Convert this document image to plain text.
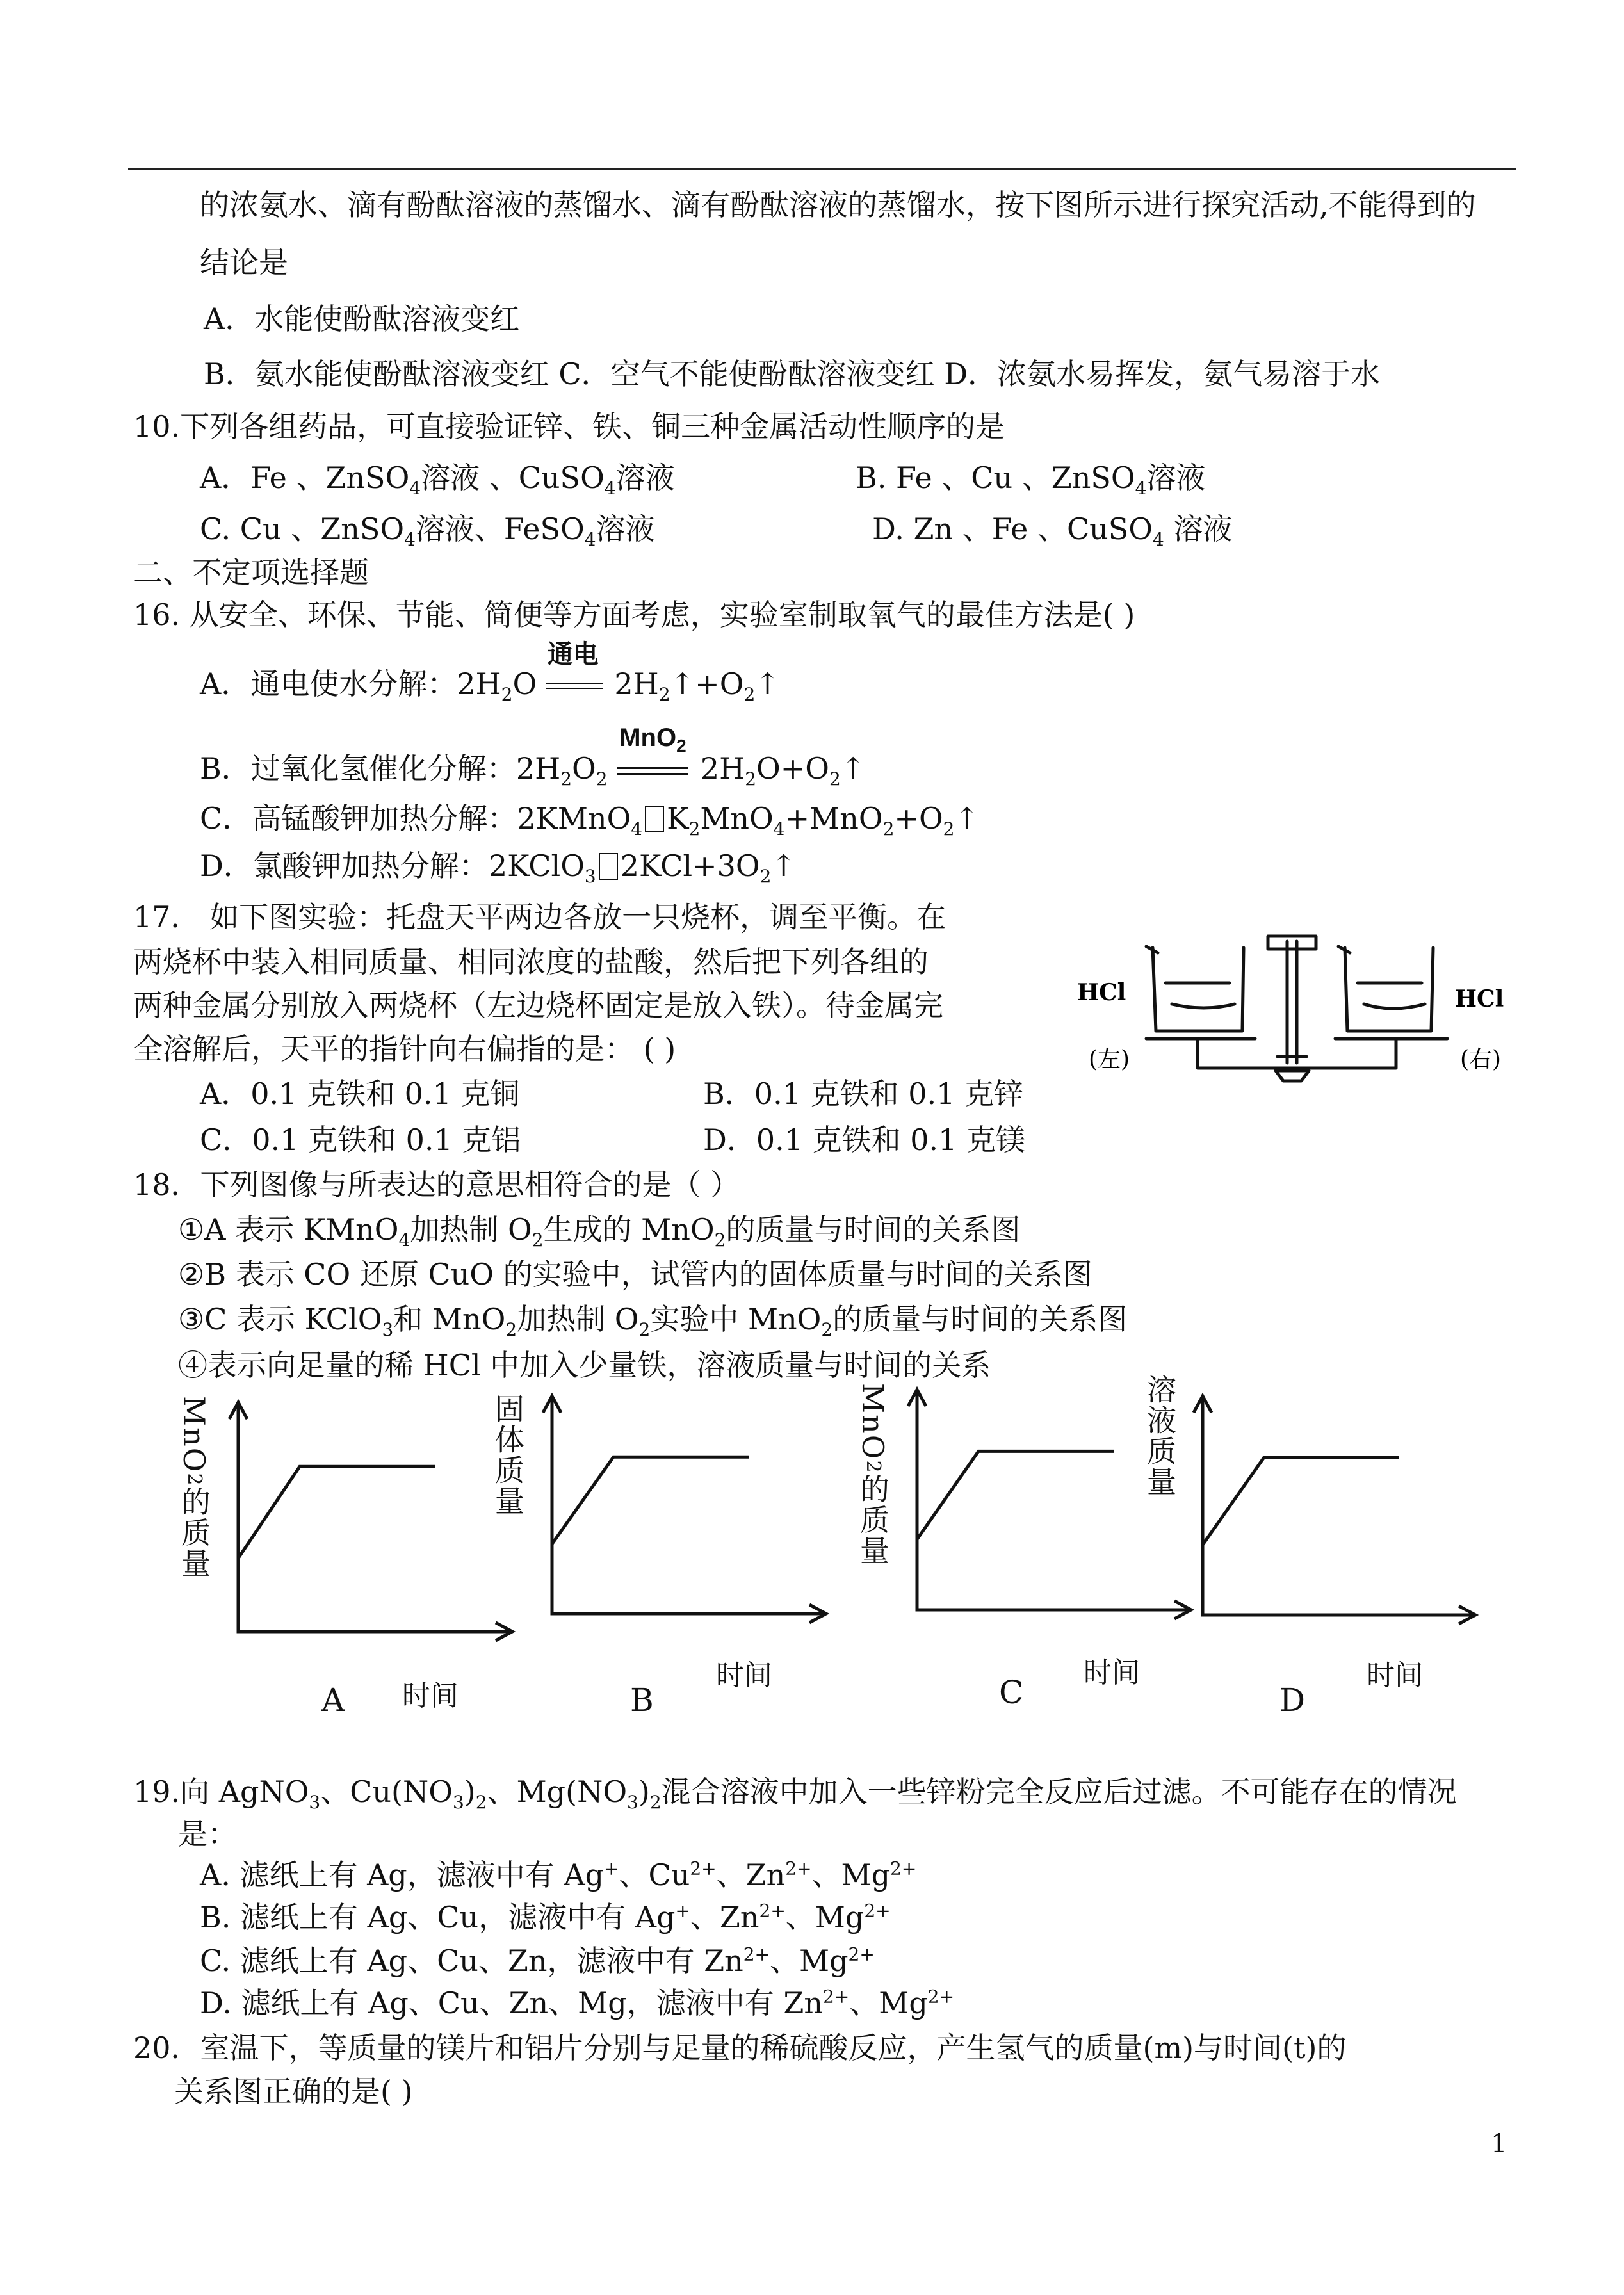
的浓氨水、滴有酚酞溶液的蒸馏水、滴有酚酞溶液的蒸馏水，按下图所示进行探究活动,不能得到的
结论是
A．水能使酚酞溶液变红
B．氨水能使酚酞溶液变红 C．空气不能使酚酞溶液变红 D．浓氨水易挥发，氨气易溶于水
10.下列各组药品，可直接验证锌、铁、铜三种金属活动性顺序的是
A．Fe 、ZnSO$_4$溶液 、CuSO$_4$溶液	B. Fe 、Cu 、ZnSO$_4$溶液
C. Cu 、ZnSO$_4$溶液、FeSO$_4$溶液	D. Zn 、Fe 、CuSO$_4$ 溶液
二、不定项选择题
16. 从安全、环保、节能、简便等方面考虑，实验室制取氧气的最佳方法是( )
A．通电使水分解：$2H_2O$
通电
$2H_2↑+O_2↑$
B．过氧化氢催化分解：$2H_2O_2$
MnO$_2$
$2H_2O+O_2↑$
C．高锰酸钾加热分解：2KMnO$_4$ $K_2MnO_4+MnO_2+O_2↑$
D．氯酸钾加热分解：2KClO$_3$ $2KCl+3O_2↑$
17． 如下图实验：托盘天平两边各放一只烧杯，调至平衡。在
两烧杯中装入相同质量、相同浓度的盐酸，然后把下列各组的
两种金属分别放入两烧杯（左边烧杯固定是放入铁）。待金属完
全溶解后，天平的指针向右偏指的是： ( )
A．0.1 克铁和 0.1 克铜	B．0.1 克铁和 0.1 克锌
C．0.1 克铁和 0.1 克铝	D．0.1 克铁和 0.1 克镁
HCl	HCl
(左)	(右)
18．下列图像与所表达的意思相符合的是（ ）
①A 表示 KMnO$_4$加热制 $O_2$生成的 MnO$_2$的质量与时间的关系图
②B 表示 CO 还原 CuO 的实验中，试管内的固体质量与时间的关系图
③C 表示 KClO$_3$和 MnO$_2$加热制 $O_2$实验中 MnO$_2$的质量与时间的关系图
④表示向足量的稀 HCl 中加入少量铁，溶液质量与时间的关系
MnO2的质量
时间
A
固体质量
时间
B
MnO2的质量
时间
C
溶液质量
时间
D
19.向 AgNO$_3$、$Cu(NO_3)_2$、$Mg(NO_3)_2$混合溶液中加入一些锌粉完全反应后过滤。不可能存在的情况
是：
A. 滤纸上有 Ag，滤液中有 Ag+、$Cu^{2+}$、$Zn^{2+}$、$Mg^{2+}$
B. 滤纸上有 Ag、Cu，滤液中有 Ag+、$Zn^{2+}$、$Mg^{2+}$
C. 滤纸上有 Ag、Cu、Zn，滤液中有 $Zn^{2+}$、$Mg^{2+}$
D. 滤纸上有 Ag、Cu、Zn、Mg，滤液中有 $Zn^{2+}$、$Mg^{2+}$
20．室温下，等质量的镁片和铝片分别与足量的稀硫酸反应，产生氢气的质量(m)与时间(t)的
关系图正确的是( )
1
